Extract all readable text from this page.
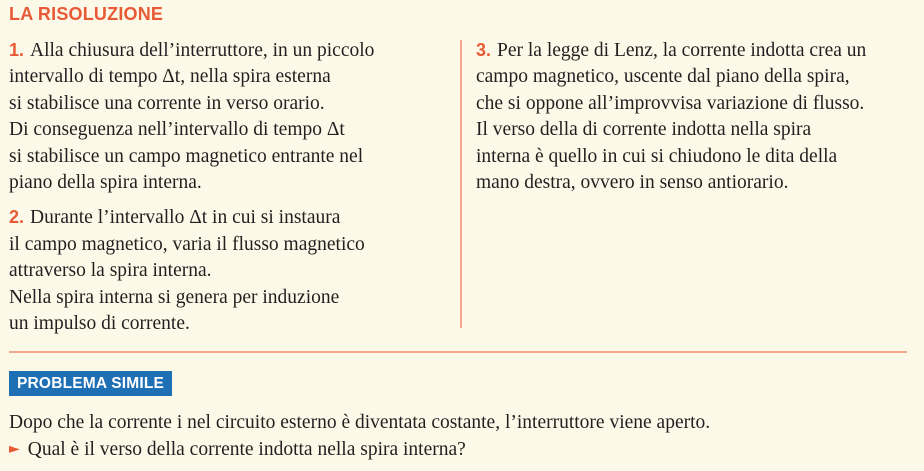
LA RISOLUZIONE
1. Alla chiusura dell’interruttore, in un piccolo
intervallo di tempo Δt, nella spira esterna
si stabilisce una corrente in verso orario.
Di conseguenza nell’intervallo di tempo Δt
si stabilisce un campo magnetico entrante nel
piano della spira interna.
2. Durante l’intervallo Δt in cui si instaura
il campo magnetico, varia il flusso magnetico
attraverso la spira interna.
Nella spira interna si genera per induzione
un impulso di corrente.
3. Per la legge di Lenz, la corrente indotta crea un
campo magnetico, uscente dal piano della spira,
che si oppone all’improvvisa variazione di flusso.
Il verso della di corrente indotta nella spira
interna è quello in cui si chiudono le dita della
mano destra, ovvero in senso antiorario.
PROBLEMA SIMILE
Dopo che la corrente i nel circuito esterno è diventata costante, l’interruttore viene aperto.
► Qual è il verso della corrente indotta nella spira interna?
